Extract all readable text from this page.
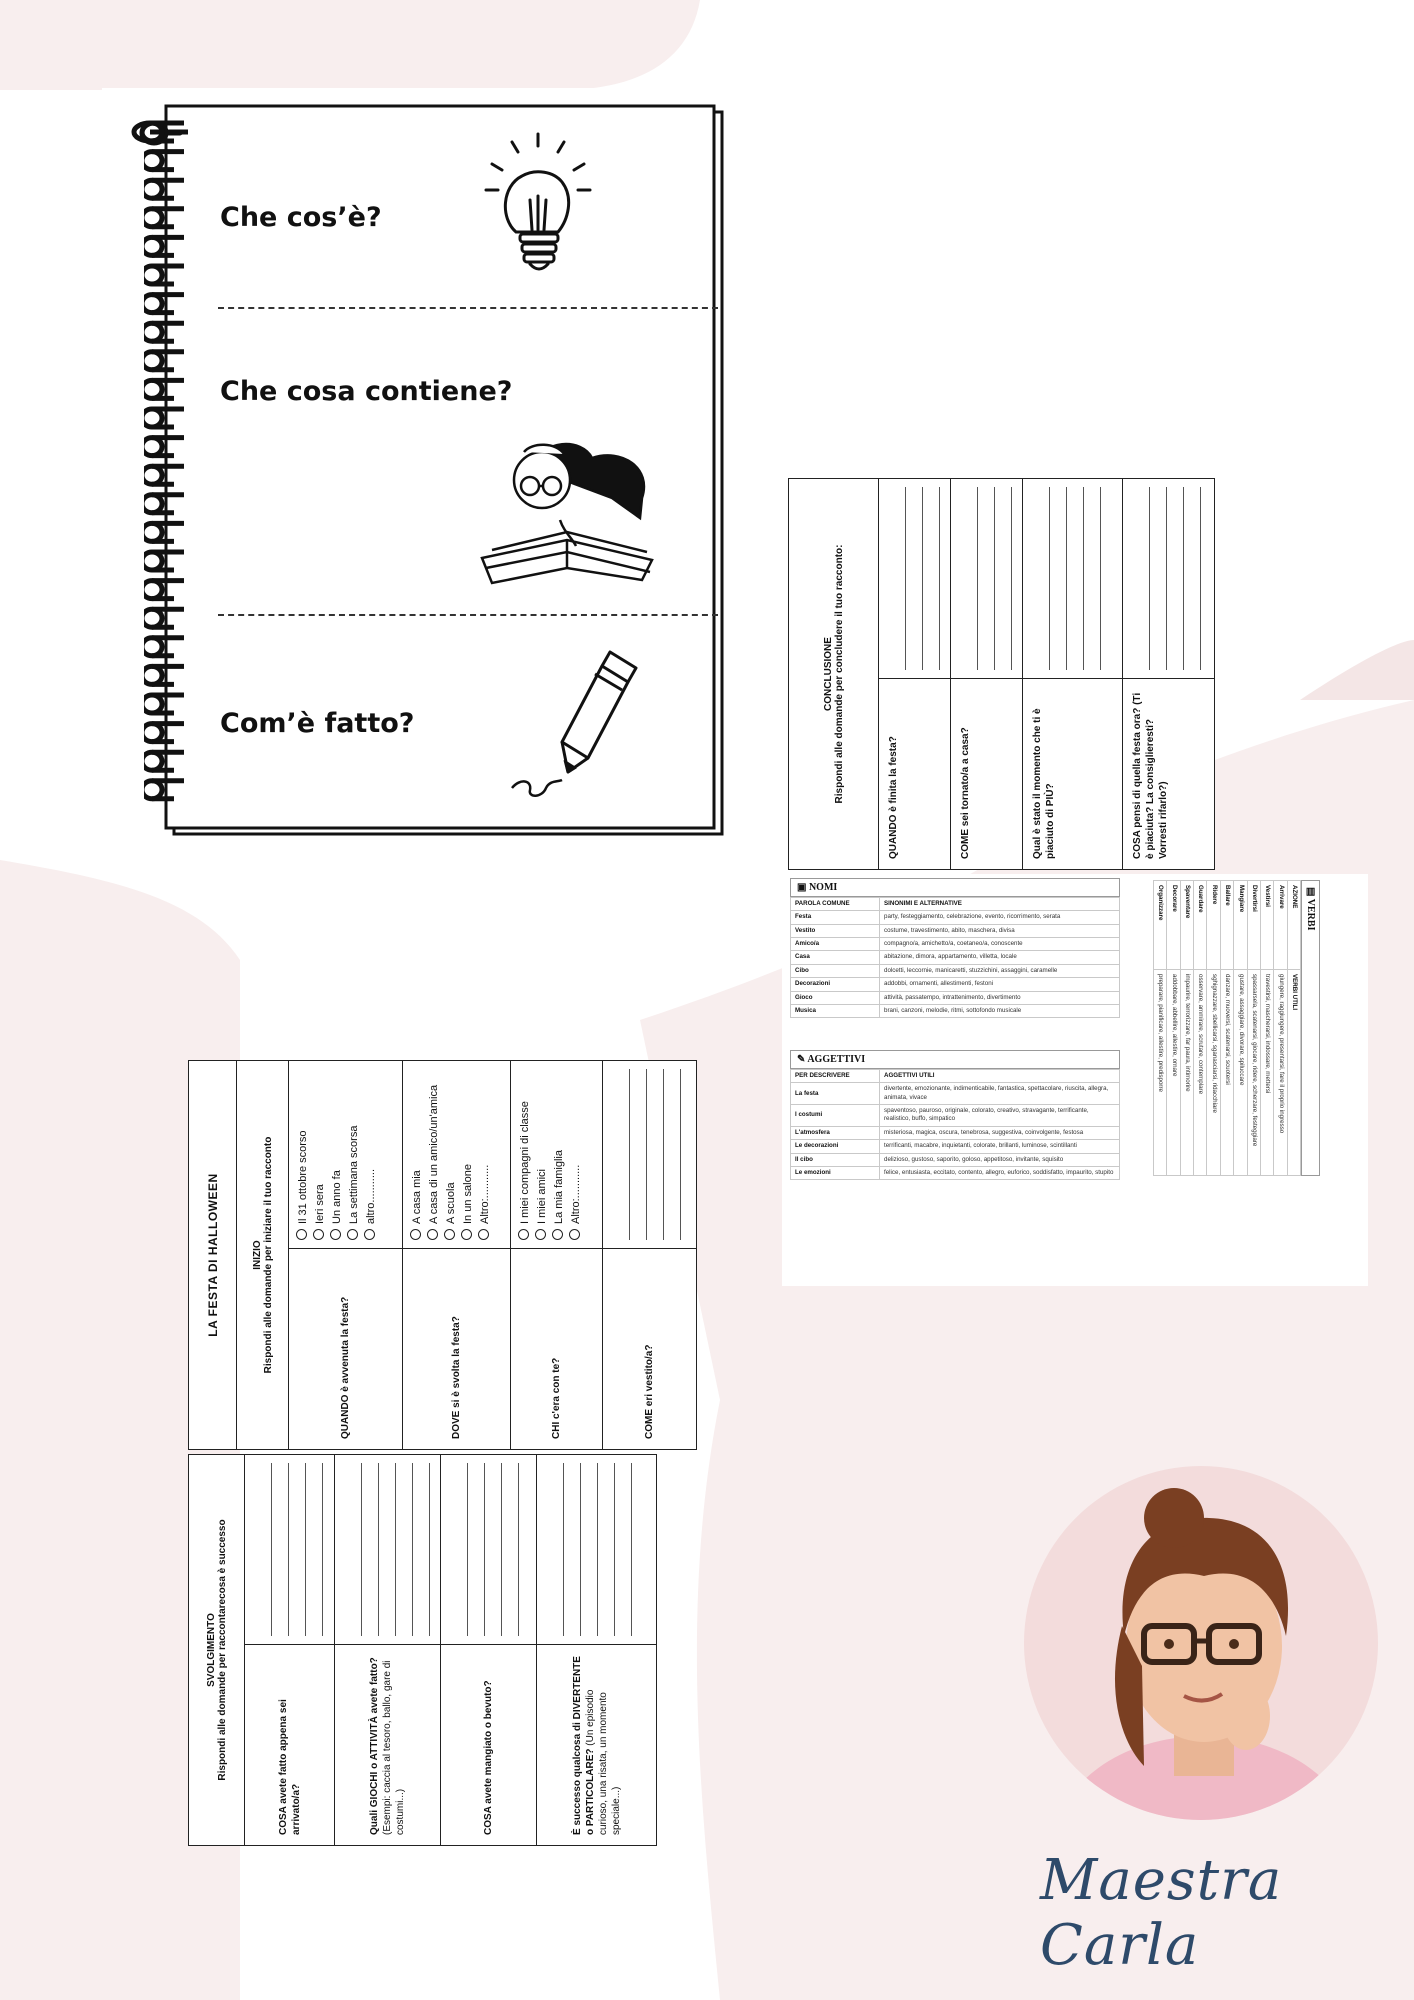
Che cos’è?
Che cosa contiene?
Com’è fatto?
CONCLUSIONE Rispondi alle domande per concludere il tuo racconto:	

QUANDO è finita la festa?	

COME sei tornato/a a casa?	

Qual è stato il momento che ti è piaciuto di PIÙ?	

COSA pensi di quella festa ora? (Ti è piaciuta? La consiglieresti? Vorresti rifarlo?)	
▣ NOMI
PAROLA COMUNE	SINONIMI E ALTERNATIVE
Festa	party, festeggiamento, celebrazione, evento, ricorrimento, serata
Vestito	costume, travestimento, abito, maschera, divisa
Amico/a	compagno/a, amichetto/a, coetaneo/a, conoscente
Casa	abitazione, dimora, appartamento, villetta, locale
Cibo	dolcetti, leccornie, manicaretti, stuzzichini, assaggini, caramelle
Decorazioni	addobbi, ornamenti, allestimenti, festoni
Gioco	attività, passatempo, intrattenimento, divertimento
Musica	brani, canzoni, melodie, ritmi, sottofondo musicale
✎ AGGETTIVI
PER DESCRIVERE	AGGETTIVI UTILI
La festa	divertente, emozionante, indimenticabile, fantastica, spettacolare, riuscita, allegra, animata, vivace
I costumi	spaventoso, pauroso, originale, colorato, creativo, stravagante, terrificante, realistico, buffo, simpatico
L'atmosfera	misteriosa, magica, oscura, tenebrosa, suggestiva, coinvolgente, festosa
Le decorazioni	terrificanti, macabre, inquietanti, colorate, brillanti, luminose, scintillanti
Il cibo	delizioso, gustoso, saporito, goloso, appetitoso, invitante, squisito
Le emozioni	felice, entusiasta, eccitato, contento, allegro, euforico, soddisfatto, impaurito, stupito
▤ VERBI
AZIONE	VERBI UTILI
Arrivare	giungere, raggiungere, presentarsi, fare il proprio ingresso
Vestirsi	travestirsi, mascherarsi, indossare, mettersi
Divertirsi	spassarsela, scatenarsi, giocare, ridere, scherzare, festeggiare
Mangiare	gustare, assaggiare, divorare, spiluccare
Ballare	danzare, muoversi, scatenarsi, scuotersi
Ridere	sghignazzare, sbellicarsi, sganasciarsi, ridacchiare
Guardare	osservare, ammirare, scrutare, contemplare
Spaventare	impaurire, terrorizzare, far paura, intimorire
Decorare	addobbare, abbellire, allestire, ornare
Organizzare	preparare, pianificare, allestire, predisporre
LA FESTA DI HALLOWEEN	

INIZIO Rispondi alle domande per iniziare il tuo racconto	

QUANDO è avvenuta la festa?	Il 31 ottobre scorso Ieri sera Un anno fa La settimana scorsa altro...........

DOVE si è svolta la festa?	A casa mia A casa di un amico/un'amica A scuola In un salone Altro:...........

CHI c'era con te?	I miei compagni di classe I miei amici La mia famiglia Altro:...........

COME eri vestito/a?	
SVOLGIMENTO Rispondi alle domande per raccontarecosa è successo	

COSA avete fatto appena sei arrivato/a?	

Quali GIOCHI o ATTIVITÀ avete fatto? (Esempi: caccia al tesoro, ballo, gare di costumi...)	

COSA avete mangiato o bevuto?	

È successo qualcosa di DIVERTENTE o PARTICOLARE? (Un episodio curioso, una risata, un momento speciale...)	
Maestra Carla
